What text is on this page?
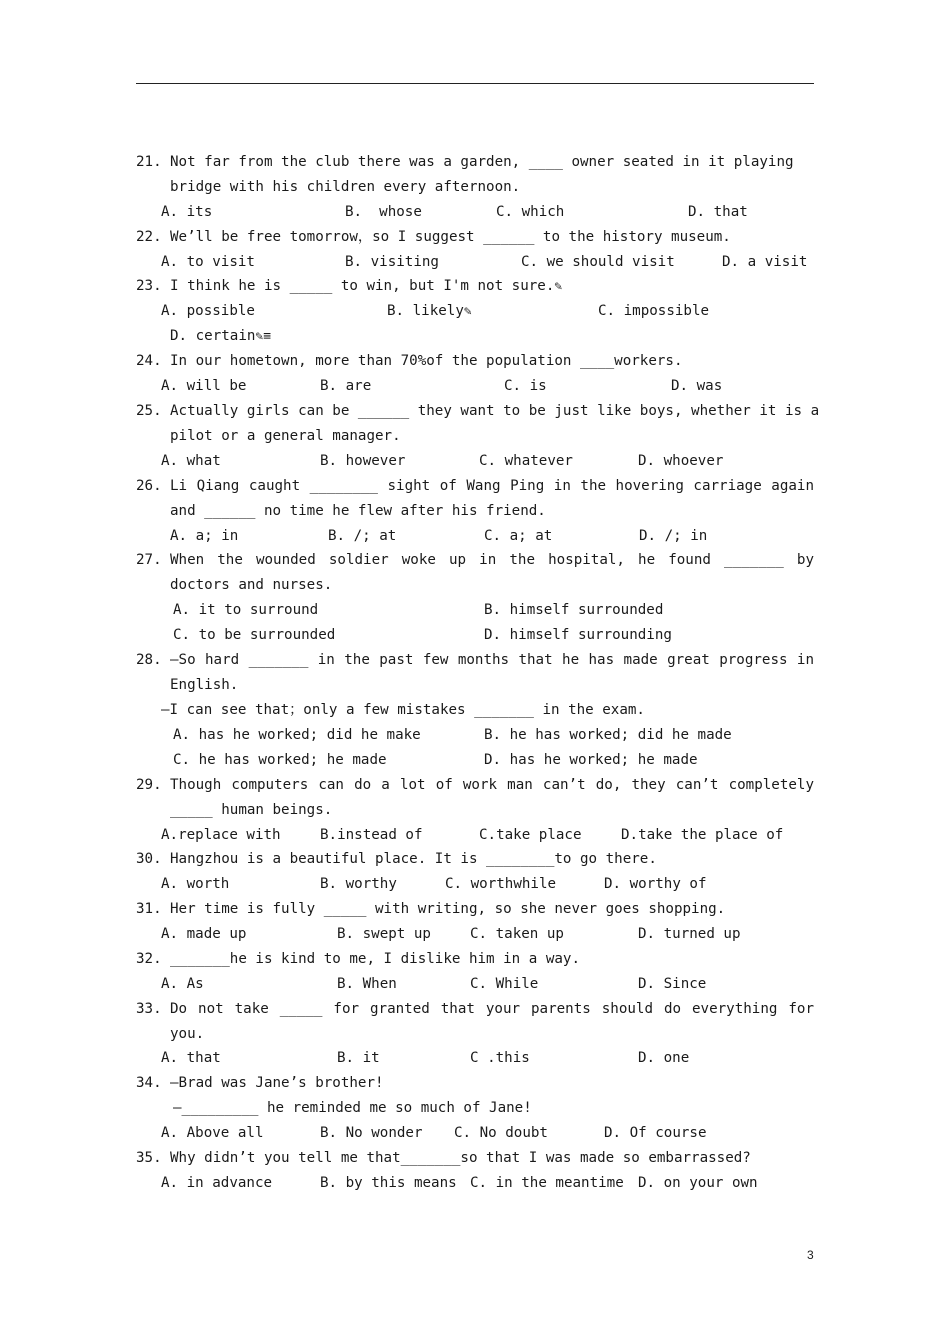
21. Not far from the club there was a garden, ____ owner seated in it playing
bridge with his children every afternoon.
A. its	B.  whose	C. which	D. that
22. We’ll be free tomorrow，so I suggest ______ to the history museum.
A. to visit	B. visiting	C. we should visit	D. a visit
23. I think he is _____ to win, but I'm not sure.✎
A. possible	B. likely✎	C. impossible
D. certain✎≡
24. In our hometown, more than 70%of the population ____workers.
A. will be	B. are	C. is	D. was
25. Actually girls can be ______ they want to be just like boys, whether it is a
pilot or a general manager.
A. what	B. however	C. whatever	D. whoever
26. Li Qiang caught ________ sight of Wang Ping in the hovering carriage again
and ______ no time he flew after his friend.
A. a; in	B. /; at	C. a; at	D. /; in
27. When the wounded soldier woke up in the hospital, he found _______ by
doctors and nurses.
A. it to surround	B. himself surrounded
C. to be surrounded	D. himself surrounding
28. —So hard _______ in the past few months that he has made great progress in
English.
—I can see that；only a few mistakes _______ in the exam.
A. has he worked; did he make	B. he has worked; did he made
C. he has worked; he made	D. has he worked; he made
29. Though computers can do a lot of work man can’t do, they can’t completely
_____ human beings.
A.replace with	B.instead of	C.take place	D.take the place of
30. Hangzhou is a beautiful place. It is ________to go there.
A. worth	B. worthy	C. worthwhile	D. worthy of
31. Her time is fully _____ with writing, so she never goes shopping.
A. made up	B. swept up	C. taken up	D. turned up
32. _______he is kind to me, I dislike him in a way.
A. As	B. When	C. While	D. Since
33. Do not take _____ for granted that your parents should do everything for
you.
A. that	B. it	C .this	D. one
34. —Brad was Jane’s brother!
—_________ he reminded me so much of Jane!
A. Above all	B. No wonder C. No doubt	D. Of course
35. Why didn’t you tell me that_______so that I was made so embarrassed?
A. in advance	B. by this means C. in the meantime D. on your own
3
